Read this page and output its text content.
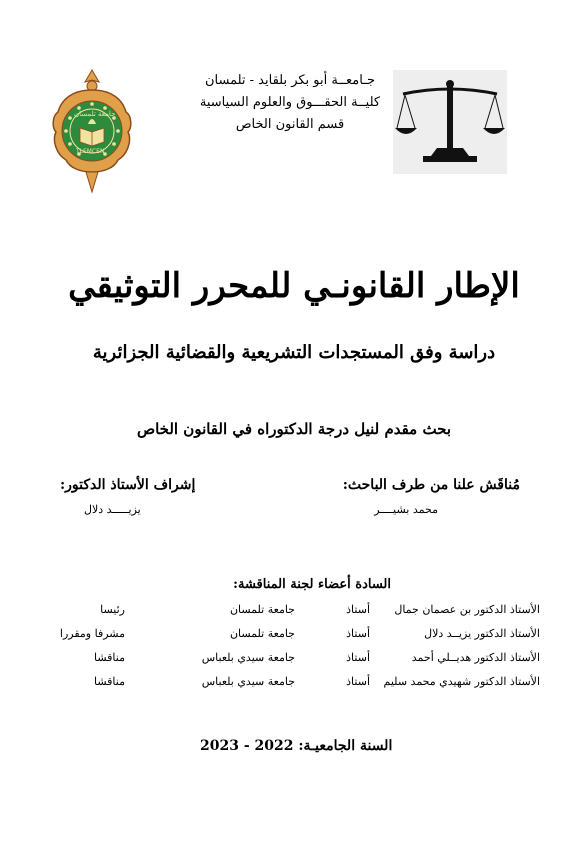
جامعة تلمسان
TLEMCEN
جـامعــة أبو بكر بلقايد - تلمسان
كليــة الحقـــوق والعلوم السياسية
قسم القانون الخاص
الإطار القانونـي للمحرر التوثيقي
دراسة وفق المستجدات التشريعية والقضائية الجزائرية
بحث مقدم لنيل درجة الدكتوراه في القانون الخاص
مُناقَش علنا من طرف الباحث:
محمد بشيــــر
إشراف الأستاذ الدكتور:
يزيـــــد دلال
السادة أعضاء لجنة المناقشة:
الأستاذ الدكتور بن عصمان جمال
أستاذ
جامعة تلمسان
رئيسا
الأستاذ الدكتور يزيــد دلال
أستاذ
جامعة تلمسان
مشرفا ومقررا
الأستاذ الدكتور هديــلي أحمد
أستاذ
جامعة سيدي بلعباس
مناقشا
الأستاذ الدكتور شهيدي محمد سليم
أستاذ
جامعة سيدي بلعباس
مناقشا
السنة الجامعيـة: 2022 - 2023
